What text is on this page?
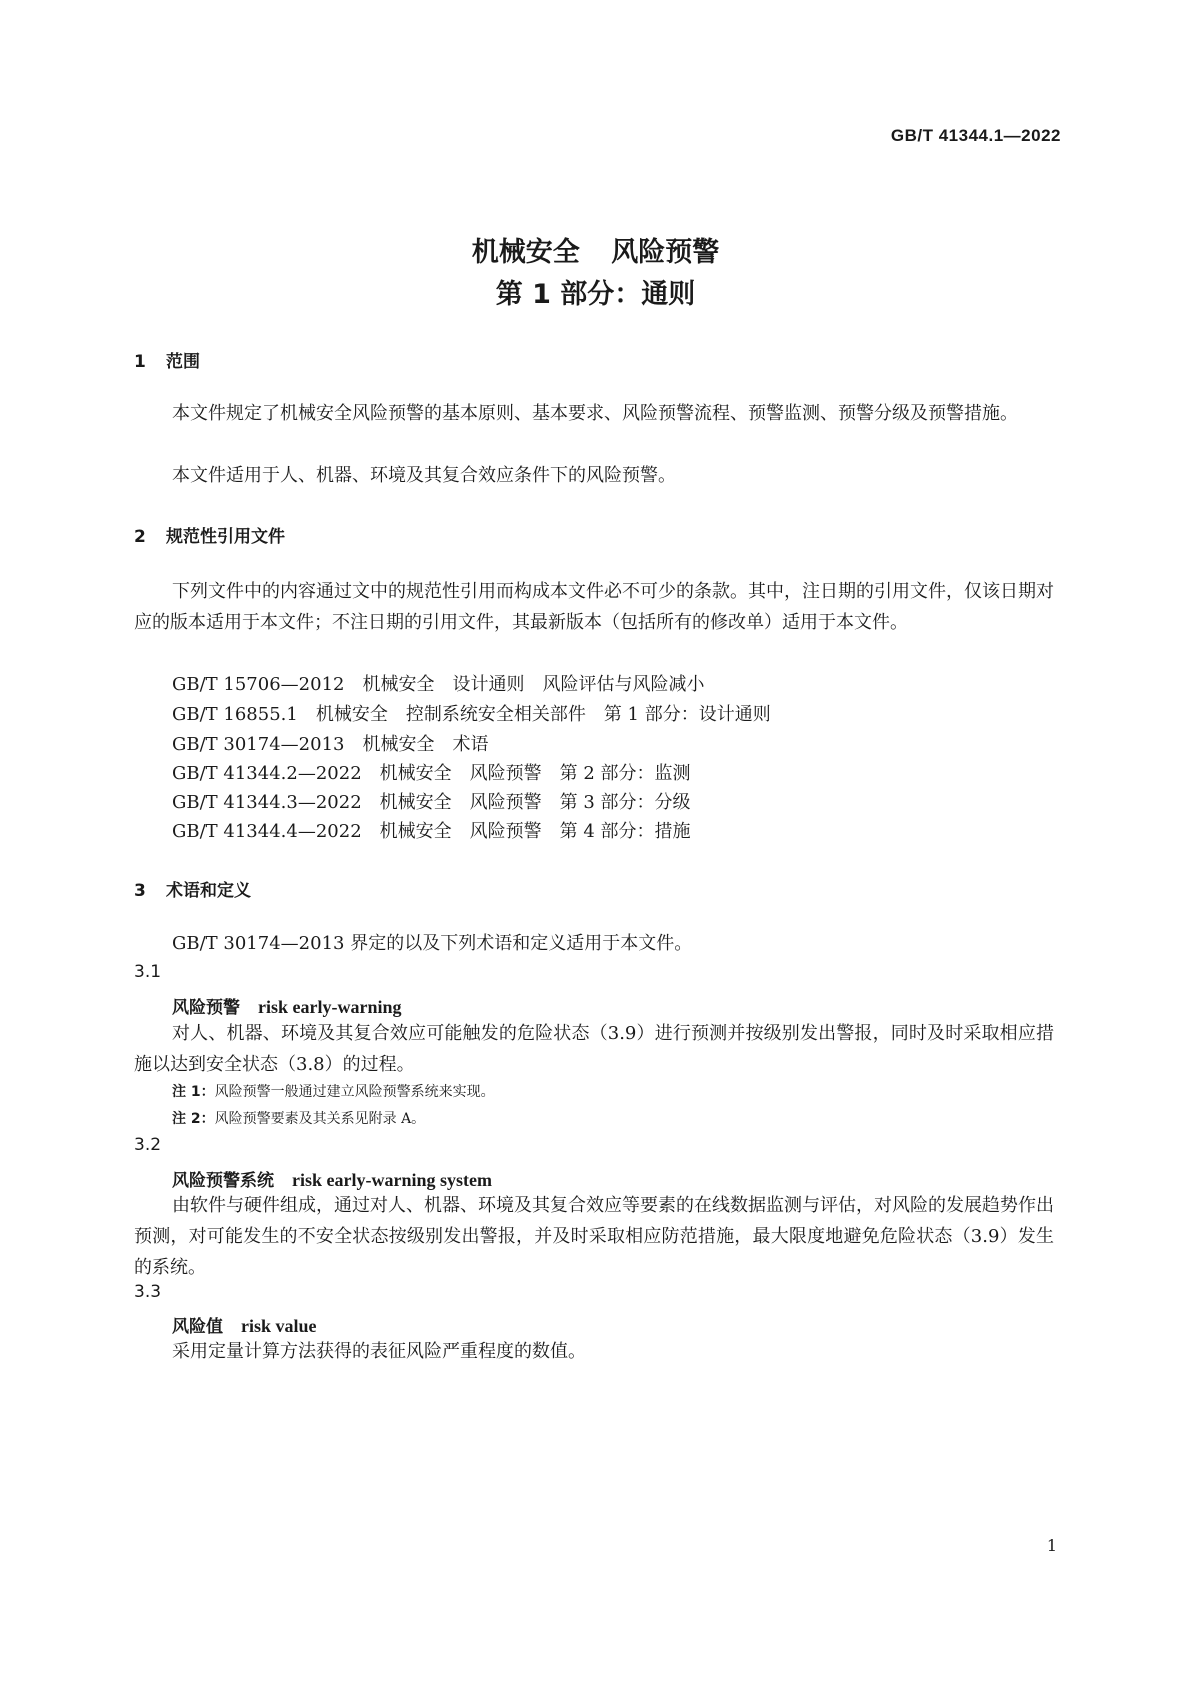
GB/T 41344.1—2022
机械安全 风险预警
第 1 部分：通则
1 范围
本文件规定了机械安全风险预警的基本原则、基本要求、风险预警流程、预警监测、预警分级及预警措施。
本文件适用于人、机器、环境及其复合效应条件下的风险预警。
2 规范性引用文件
下列文件中的内容通过文中的规范性引用而构成本文件必不可少的条款。其中，注日期的引用文件，仅该日期对应的版本适用于本文件；不注日期的引用文件，其最新版本（包括所有的修改单）适用于本文件。
GB/T 15706—2012　机械安全　设计通则　风险评估与风险减小
GB/T 16855.1　机械安全　控制系统安全相关部件　第 1 部分：设计通则
GB/T 30174—2013　机械安全　术语
GB/T 41344.2—2022　机械安全　风险预警　第 2 部分：监测
GB/T 41344.3—2022　机械安全　风险预警　第 3 部分：分级
GB/T 41344.4—2022　机械安全　风险预警　第 4 部分：措施
3 术语和定义
GB/T 30174—2013 界定的以及下列术语和定义适用于本文件。
3.1
风险预警 risk early-warning
对人、机器、环境及其复合效应可能触发的危险状态（3.9）进行预测并按级别发出警报，同时及时采取相应措施以达到安全状态（3.8）的过程。
注 1：风险预警一般通过建立风险预警系统来实现。
注 2：风险预警要素及其关系见附录 A。
3.2
风险预警系统 risk early-warning system
由软件与硬件组成，通过对人、机器、环境及其复合效应等要素的在线数据监测与评估，对风险的发展趋势作出预测，对可能发生的不安全状态按级别发出警报，并及时采取相应防范措施，最大限度地避免危险状态（3.9）发生的系统。
3.3
风险值 risk value
采用定量计算方法获得的表征风险严重程度的数值。
1
